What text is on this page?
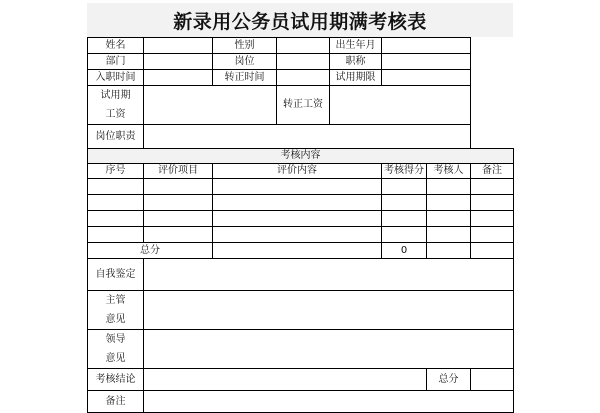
新录用公务员试用期满考核表
姓名		性别		出生年月			
部门		岗位		职称			
入职时间		转正时间		试用期限			

试用期
工资			转正工资				
岗位职责							
考核内容							
序号	评价项目	评价内容			考核得分	考核人	备注

总分					0		
自我鉴定							

主管
意见							

领导
意见							

考核结论						总分	
备注							
